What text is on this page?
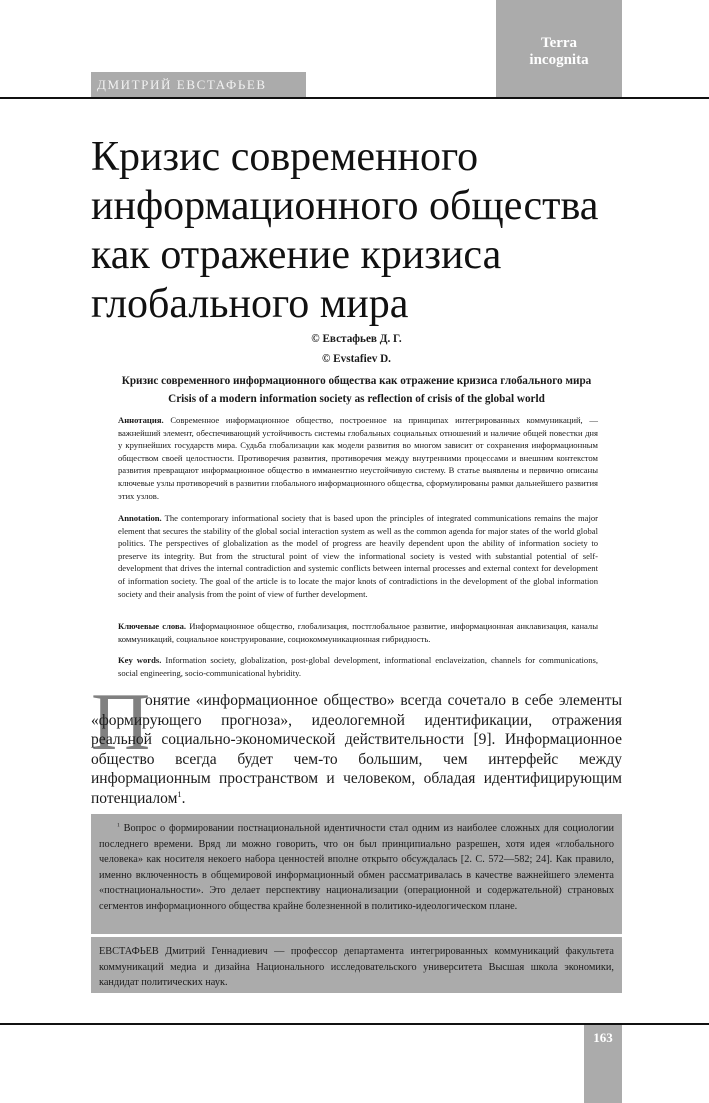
Terra
incognita
ДМИТРИЙ ЕВСТАФЬЕВ
Кризис современного
информационного общества
как отражение кризиса
глобального мира
© Евстафьев Д. Г.
© Evstafiev D.
Кризис современного информационного общества как отражение кризиса глобального мира
Crisis of a modern information society as reflection of crisis of the global world
Аннотация. Современное информационное общество, построенное на принципах интегрированных коммуникаций, — важнейший элемент, обеспечивающий устойчивость системы глобальных социальных отношений и наличие общей повестки дня у крупнейших государств мира. Судьба глобализации как модели развития во многом зависит от сохранения информационным обществом своей целостности. Противоречия развития, противоречия между внутренними процессами и внешним контекстом развития превращают информационное общество в имманентно неустойчивую систему. В статье выявлены и первично описаны ключевые узлы противоречий в развитии глобального информационного общества, сформулированы рамки дальнейшего развития этих узлов.
Annotation. The contemporary informational society that is based upon the principles of integrated communications remains the major element that secures the stability of the global social interaction system as well as the common agenda for major states of the world global politics. The perspectives of globalization as the model of progress are heavily dependent upon the ability of information society to preserve its integrity. But from the structural point of view the informational society is vested with substantial potential of self-development that drives the internal contradiction and systemic conflicts between internal processes and external context for development of information society. The goal of the article is to locate the major knots of contradictions in the development of the global information society and their analysis from the point of view of further development.
Ключевые слова. Информационное общество, глобализация, постглобальное развитие, информационная анклавизация, каналы коммуникаций, социальное конструирование, социокоммуникационная гибридность.
Key words. Information society, globalization, post-global development, informational enclaveization, channels for communications, social engineering, socio-communicational hybridity.
П
онятие «информационное общество» всегда сочетало в себе элементы «формирующего прогноза», идеологемной идентификации, отражения реальной социально-экономической действительности [9]. Информационное общество всегда будет чем-то большим, чем интерфейс между информационным пространством и человеком, обладая идентифицирующим потенциалом$^1$.
$^1$ Вопрос о формировании постнациональной идентичности стал одним из наиболее сложных для социологии последнего времени. Вряд ли можно говорить, что он был принципиально разрешен, хотя идея «глобального человека» как носителя некоего набора ценностей вполне открыто обсуждалась [2. С. 572—582; 24]. Как правило, именно включенность в общемировой информационный обмен рассматривалась в качестве важнейшего элемента «постнациональности». Это делает перспективу национализации (операционной и содержательной) страновых сегментов информационного общества крайне болезненной в политико-идеологическом плане.
ЕВСТАФЬЕВ Дмитрий Геннадиевич — профессор департамента интегрированных коммуникаций факультета коммуникаций медиа и дизайна Национального исследовательского университета Высшая школа экономики, кандидат политических наук.
163
